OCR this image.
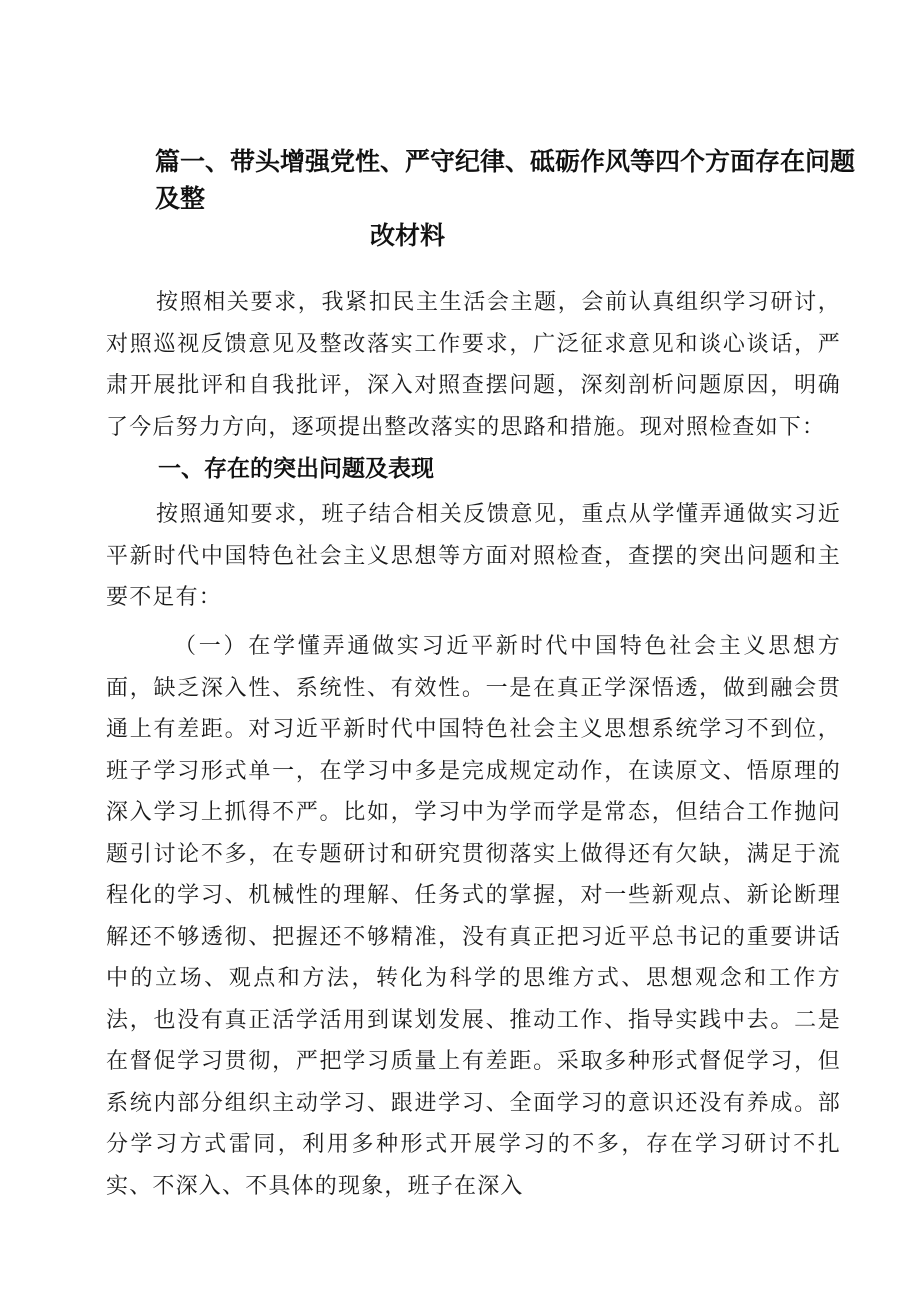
篇一、带头增强党性、严守纪律、砥砺作风等四个方面存在问题及整
改材料

按照相关要求，我紧扣民主生活会主题，会前认真组织学习研讨，对照巡视反馈意见及整改落实工作要求，广泛征求意见和谈心谈话，严肃开展批评和自我批评，深入对照查摆问题，深刻剖析问题原因，明确了今后努力方向，逐项提出整改落实的思路和措施。现对照检查如下：

一、存在的突出问题及表现

按照通知要求，班子结合相关反馈意见，重点从学懂弄通做实习近平新时代中国特色社会主义思想等方面对照检查，查摆的突出问题和主要不足有：

（一）在学懂弄通做实习近平新时代中国特色社会主义思想方面，缺乏深入性、系统性、有效性。一是在真正学深悟透，做到融会贯通上有差距。对习近平新时代中国特色社会主义思想系统学习不到位，班子学习形式单一，在学习中多是完成规定动作，在读原文、悟原理的深入学习上抓得不严。比如，学习中为学而学是常态，但结合工作抛问题引讨论不多，在专题研讨和研究贯彻落实上做得还有欠缺，满足于流程化的学习、机械性的理解、任务式的掌握，对一些新观点、新论断理解还不够透彻、把握还不够精准，没有真正把习近平总书记的重要讲话中的立场、观点和方法，转化为科学的思维方式、思想观念和工作方法，也没有真正活学活用到谋划发展、推动工作、指导实践中去。二是在督促学习贯彻，严把学习质量上有差距。采取多种形式督促学习，但系统内部分组织主动学习、跟进学习、全面学习的意识还没有养成。部分学习方式雷同，利用多种形式开展学习的不多，存在学习研讨不扎实、不深入、不具体的现象，班子在深入
